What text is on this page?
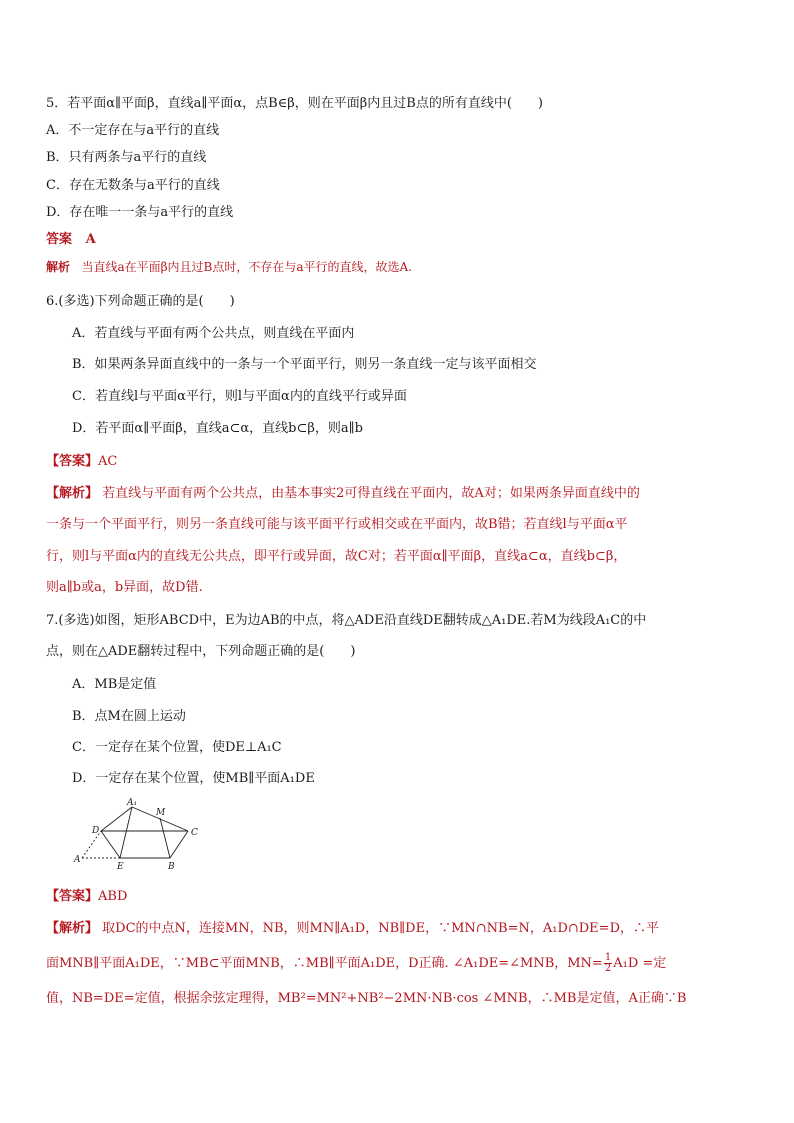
5．若平面α∥平面β，直线a∥平面α，点B∈β，则在平面β内且过B点的所有直线中(　　)
A．不一定存在与a平行的直线
B．只有两条与a平行的直线
C．存在无数条与a平行的直线
D．存在唯一一条与a平行的直线
答案 A
解析 当直线a在平面β内且过B点时，不存在与a平行的直线，故选A.
6.(多选)下列命题正确的是(　　)
A．若直线与平面有两个公共点，则直线在平面内
B．如果两条异面直线中的一条与一个平面平行，则另一条直线一定与该平面相交
C．若直线l与平面α平行，则l与平面α内的直线平行或异面
D．若平面α∥平面β，直线a⊂α，直线b⊂β，则a∥b
【答案】AC
【解析】 若直线与平面有两个公共点，由基本事实2可得直线在平面内，故A对；如果两条异面直线中的
一条与一个平面平行，则另一条直线可能与该平面平行或相交或在平面内，故B错；若直线l与平面α平
行，则l与平面α内的直线无公共点，即平行或异面，故C对；若平面α∥平面β，直线a⊂α，直线b⊂β，
则a∥b或a，b异面，故D错.
7.(多选)如图，矩形ABCD中，E为边AB的中点，将△ADE沿直线DE翻转成△A₁DE.若M为线段A₁C的中
点，则在△ADE翻转过程中，下列命题正确的是(　　)
A．MB是定值
B．点M在圆上运动
C．一定存在某个位置，使DE⊥A₁C
D．一定存在某个位置，使MB∥平面A₁DE
A₁
M
D	C
A
E	B
【答案】ABD
【解析】 取DC的中点N，连接MN，NB，则MN∥A₁D，NB∥DE，∵MN∩NB=N，A₁D∩DE=D，∴平
面MNB∥平面A₁DE，∵MB⊂平面MNB，∴MB∥平面A₁DE，D正确. ∠A₁DE=∠MNB，$MN= \frac{1}{2} A_1D$ =定
值，NB=DE=定值，根据余弦定理得，MB²=MN²+NB²−2MN·NB·cos ∠MNB，∴MB是定值，A正确∵B
